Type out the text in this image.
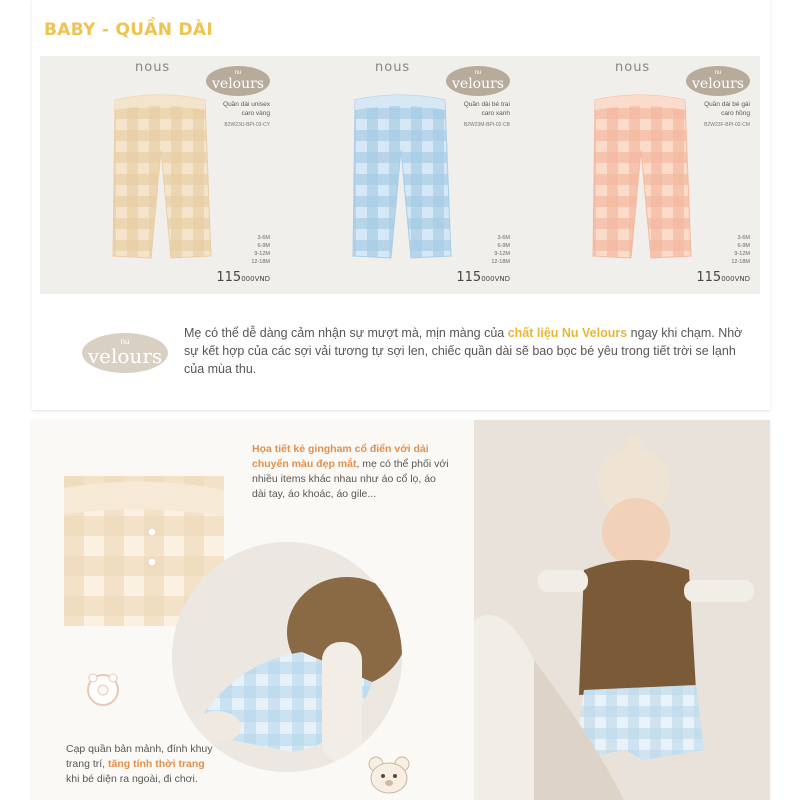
BABY - QUẦN DÀI
nous	nu
velours
Quần dài unisex
caro vàng
B2W23U-BPI-03-CY
3-6M
6-9M
9-12M
12-18M
115000VND
nous	nu
velours
Quần dài bé trai
caro xanh
B2W23M-BPI-02-CB
3-6M
6-9M
9-12M
12-18M
115000VND
nous	nu
velours
Quần dài bé gái
caro hồng
B2W23F-BPI-02-CM
3-6M
6-9M
9-12M
12-18M
115000VND
nu
velours

Mẹ có thể dễ dàng cảm nhận sự mượt mà, mịn màng của chất liệu Nu Velours ngay khi chạm. Nhờ sự kết hợp của các sợi vải tương tự sợi len, chiếc quần dài sẽ bao bọc bé yêu trong tiết trời se lạnh của mùa thu.

Họa tiết kẻ gingham cổ điển với dải chuyển màu đẹp mắt, mẹ có thể phối với nhiều items khác nhau như áo cổ lọ, áo dài tay, áo khoác, áo gile...

Cạp quần bản mảnh, đính khuy trang trí, tăng tính thời trang khi bé diện ra ngoài, đi chơi.
